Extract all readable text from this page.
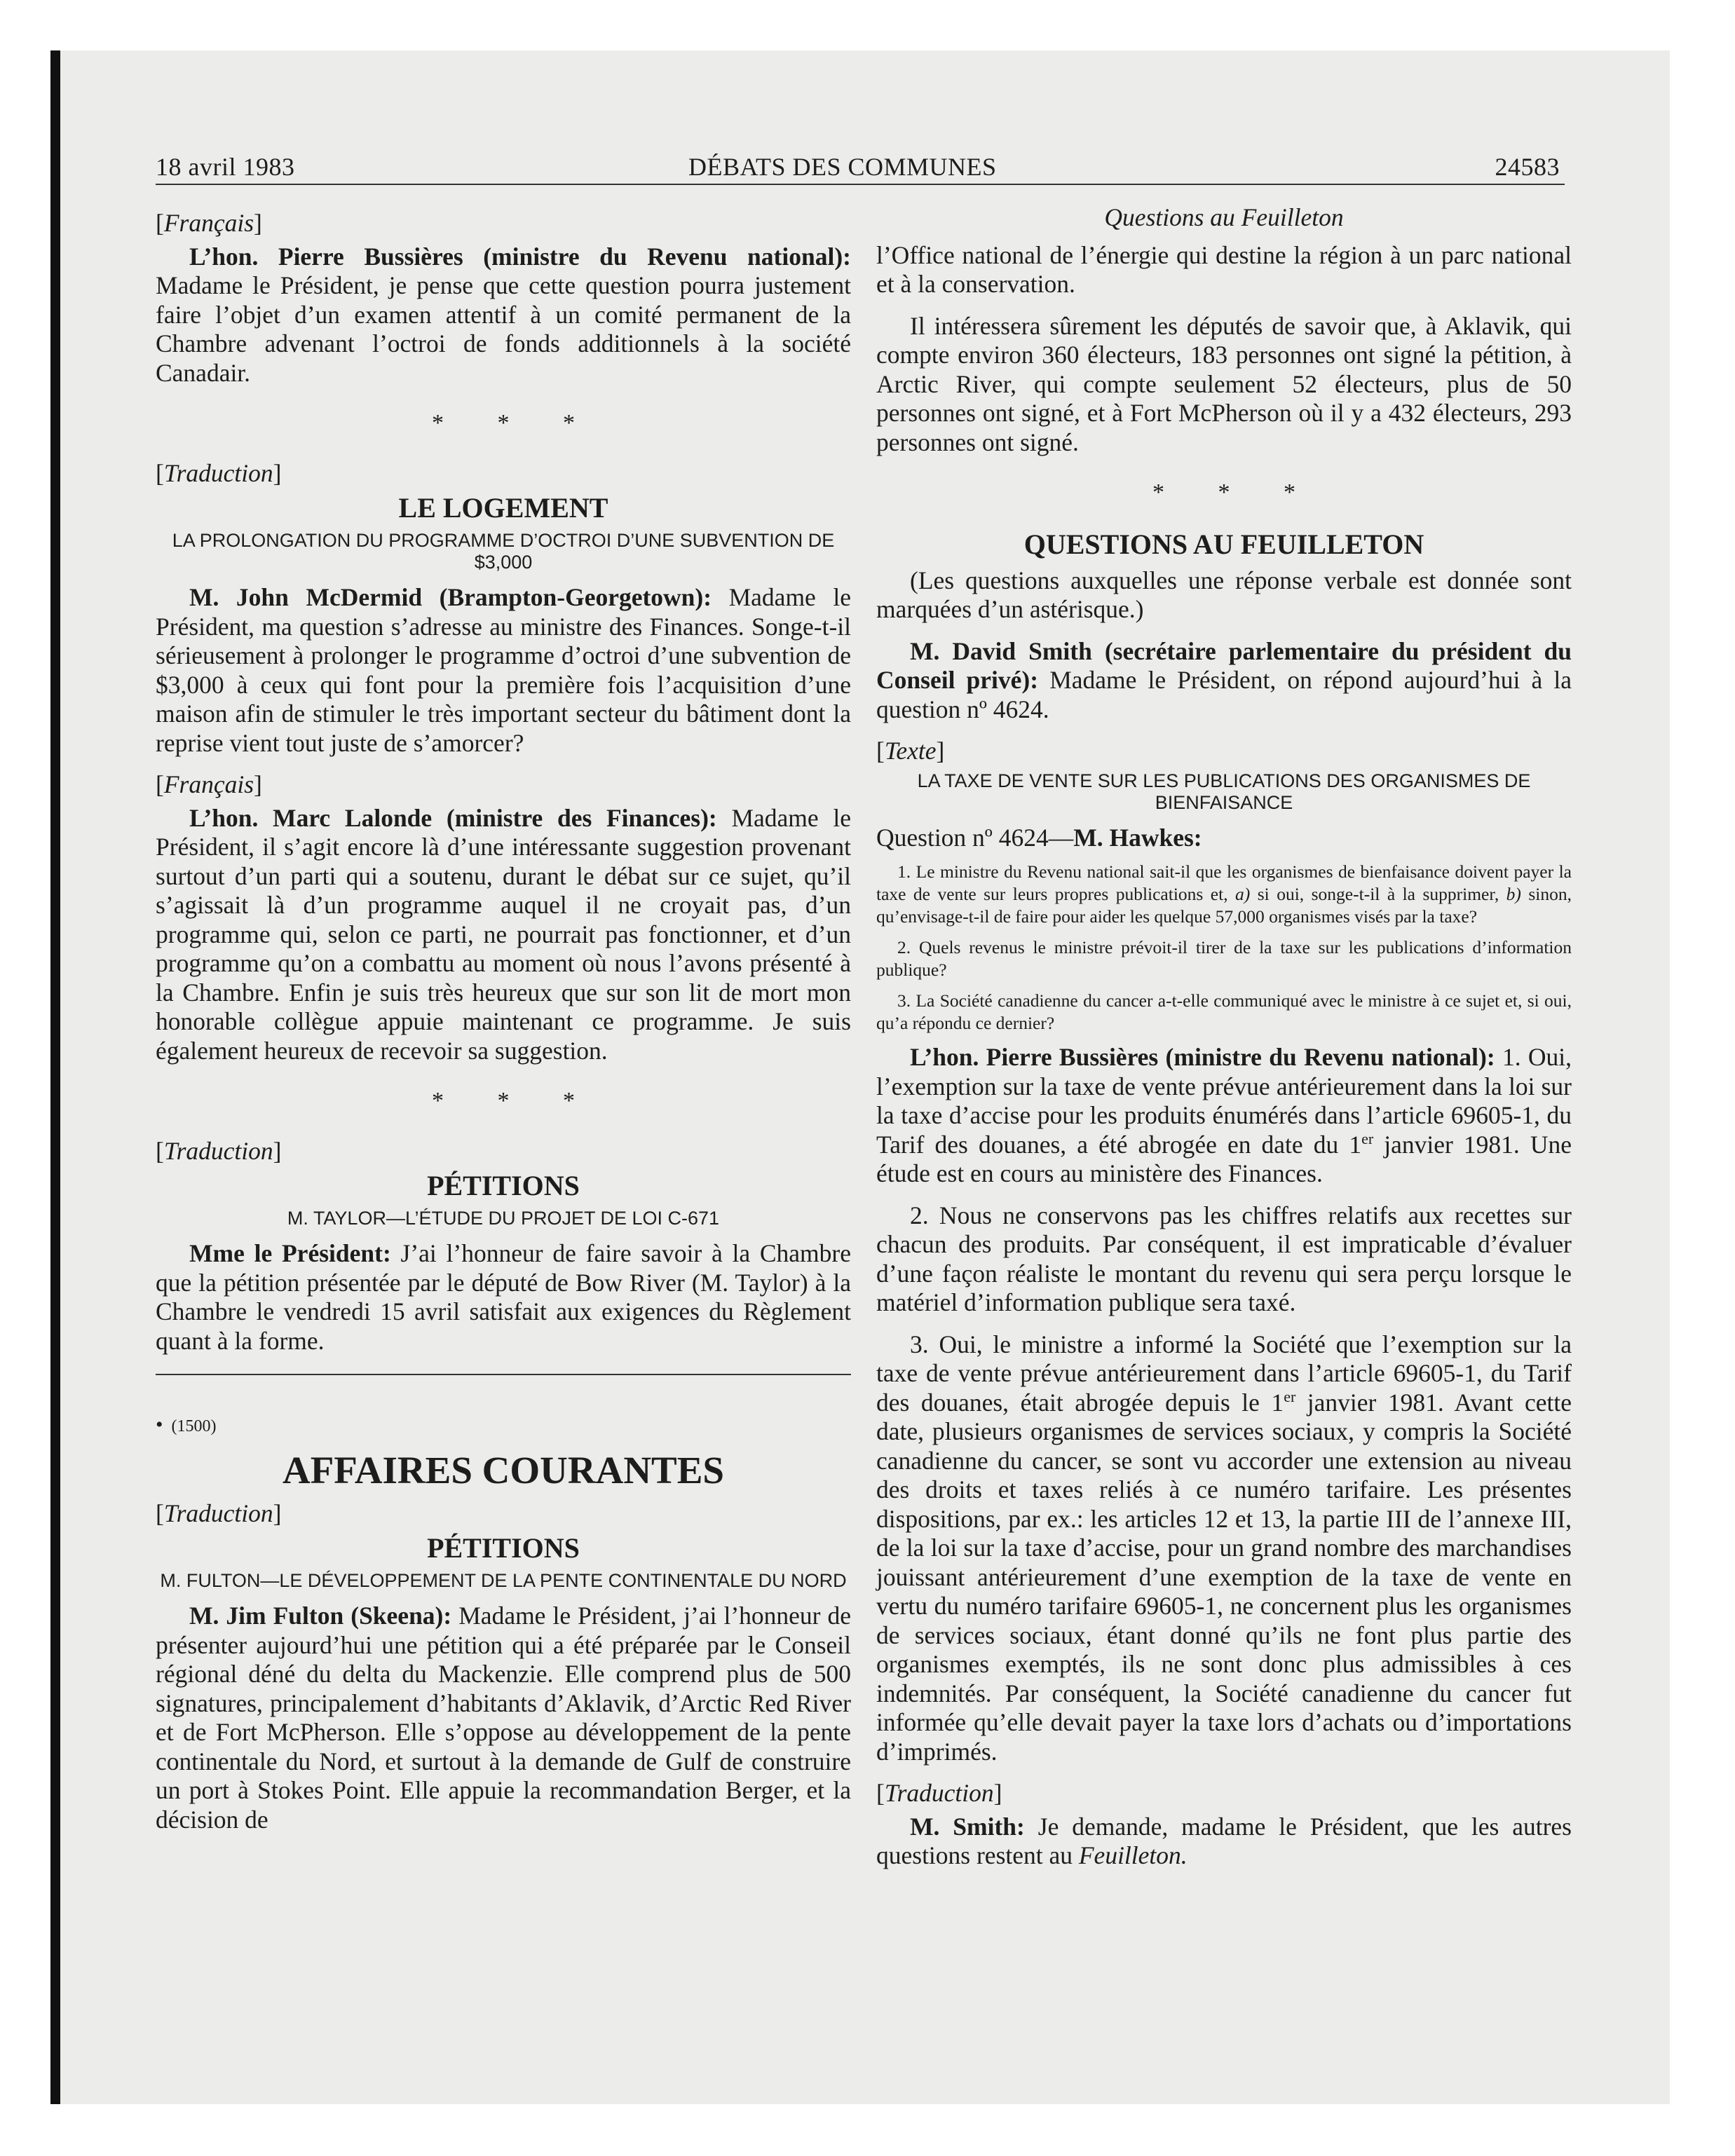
18 avril 1983	DÉBATS DES COMMUNES	24583
[Français]

L’hon. Pierre Bussières (ministre du Revenu national): Madame le Président, je pense que cette question pourra justement faire l’objet d’un examen attentif à un comité permanent de la Chambre advenant l’octroi de fonds additionnels à la société Canadair.

* * *
[Traduction]
LE LOGEMENT
LA PROLONGATION DU PROGRAMME D’OCTROI D’UNE SUBVENTION DE $3,000

M. John McDermid (Brampton-Georgetown): Madame le Président, ma question s’adresse au ministre des Finances. Songe-t-il sérieusement à prolonger le programme d’octroi d’une subvention de $3,000 à ceux qui font pour la première fois l’acquisition d’une maison afin de stimuler le très important secteur du bâtiment dont la reprise vient tout juste de s’amorcer?

[Français]

L’hon. Marc Lalonde (ministre des Finances): Madame le Président, il s’agit encore là d’une intéressante suggestion provenant surtout d’un parti qui a soutenu, durant le débat sur ce sujet, qu’il s’agissait là d’un programme auquel il ne croyait pas, d’un programme qui, selon ce parti, ne pourrait pas fonctionner, et d’un programme qu’on a combattu au moment où nous l’avons présenté à la Chambre. Enfin je suis très heureux que sur son lit de mort mon honorable collègue appuie maintenant ce programme. Je suis également heureux de recevoir sa suggestion.

* * *
[Traduction]
PÉTITIONS
M. TAYLOR—L’ÉTUDE DU PROJET DE LOI C-671

Mme le Président: J’ai l’honneur de faire savoir à la Chambre que la pétition présentée par le député de Bow River (M. Taylor) à la Chambre le vendredi 15 avril satisfait aux exigences du Règlement quant à la forme.

• (1500)
AFFAIRES COURANTES
[Traduction]
PÉTITIONS
M. FULTON—LE DÉVELOPPEMENT DE LA PENTE CONTINENTALE DU NORD

M. Jim Fulton (Skeena): Madame le Président, j’ai l’honneur de présenter aujourd’hui une pétition qui a été préparée par le Conseil régional déné du delta du Mackenzie. Elle comprend plus de 500 signatures, principalement d’habitants d’Aklavik, d’Arctic Red River et de Fort McPherson. Elle s’oppose au développement de la pente continentale du Nord, et surtout à la demande de Gulf de construire un port à Stokes Point. Elle appuie la recommandation Berger, et la décision de

Questions au Feuilleton

l’Office national de l’énergie qui destine la région à un parc national et à la conservation.

Il intéressera sûrement les députés de savoir que, à Aklavik, qui compte environ 360 électeurs, 183 personnes ont signé la pétition, à Arctic River, qui compte seulement 52 électeurs, plus de 50 personnes ont signé, et à Fort McPherson où il y a 432 électeurs, 293 personnes ont signé.

* * *
QUESTIONS AU FEUILLETON

(Les questions auxquelles une réponse verbale est donnée sont marquées d’un astérisque.)

M. David Smith (secrétaire parlementaire du président du Conseil privé): Madame le Président, on répond aujourd’hui à la question nº 4624.

[Texte]
LA TAXE DE VENTE SUR LES PUBLICATIONS DES ORGANISMES DE BIENFAISANCE
Question nº 4624—M. Hawkes:

1. Le ministre du Revenu national sait-il que les organismes de bienfaisance doivent payer la taxe de vente sur leurs propres publications et, a) si oui, songe-t-il à la supprimer, b) sinon, qu’envisage-t-il de faire pour aider les quelque 57,000 organismes visés par la taxe?

2. Quels revenus le ministre prévoit-il tirer de la taxe sur les publications d’information publique?

3. La Société canadienne du cancer a-t-elle communiqué avec le ministre à ce sujet et, si oui, qu’a répondu ce dernier?

L’hon. Pierre Bussières (ministre du Revenu national): 1. Oui, l’exemption sur la taxe de vente prévue antérieurement dans la loi sur la taxe d’accise pour les produits énumérés dans l’article 69605-1, du Tarif des douanes, a été abrogée en date du 1er janvier 1981. Une étude est en cours au ministère des Finances.

2. Nous ne conservons pas les chiffres relatifs aux recettes sur chacun des produits. Par conséquent, il est impraticable d’évaluer d’une façon réaliste le montant du revenu qui sera perçu lorsque le matériel d’information publique sera taxé.

3. Oui, le ministre a informé la Société que l’exemption sur la taxe de vente prévue antérieurement dans l’article 69605-1, du Tarif des douanes, était abrogée depuis le 1er janvier 1981. Avant cette date, plusieurs organismes de services sociaux, y compris la Société canadienne du cancer, se sont vu accorder une extension au niveau des droits et taxes reliés à ce numéro tarifaire. Les présentes dispositions, par ex.: les articles 12 et 13, la partie III de l’annexe III, de la loi sur la taxe d’accise, pour un grand nombre des marchandises jouissant antérieurement d’une exemption de la taxe de vente en vertu du numéro tarifaire 69605-1, ne concernent plus les organismes de services sociaux, étant donné qu’ils ne font plus partie des organismes exemptés, ils ne sont donc plus admissibles à ces indemnités. Par conséquent, la Société canadienne du cancer fut informée qu’elle devait payer la taxe lors d’achats ou d’importations d’imprimés.

[Traduction]

M. Smith: Je demande, madame le Président, que les autres questions restent au Feuilleton.
